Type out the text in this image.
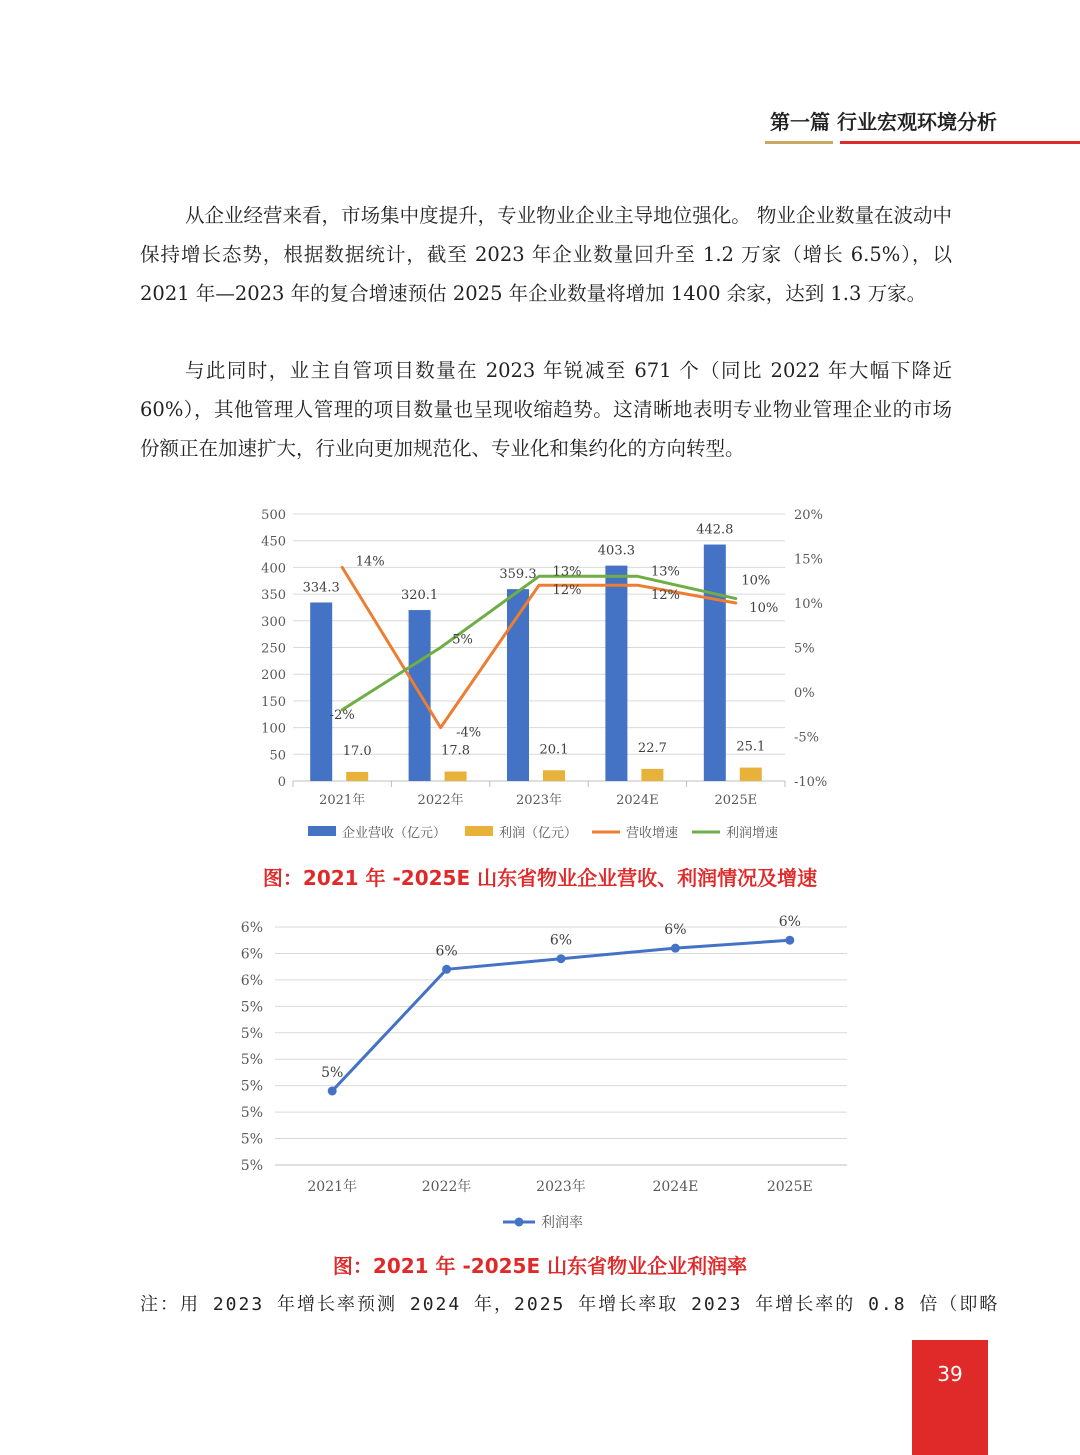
第一篇 行业宏观环境分析

从企业经营来看，市场集中度提升，专业物业企业主导地位强化。 物业企业数量在波动中保持增长态势，根据数据统计，截至 2023 年企业数量回升至 1.2 万家（增长 6.5%），以 2021 年—2023 年的复合增速预估 2025 年企业数量将增加 1400 余家，达到 1.3 万家。

与此同时，业主自管项目数量在 2023 年锐减至 671 个（同比 2022 年大幅下降近 60%），其他管理人管理的项目数量也呈现收缩趋势。这清晰地表明专业物业管理企业的市场份额正在加速扩大，行业向更加规范化、专业化和集约化的方向转型。

0
50
100
150
200
250
300
350
400
450
500
-10%
-5%
0%
5%
10%
15%
20%
2021年	2022年	2023年	2024E	2025E
334.3
320.1
359.3
403.3
442.8
17.0	17.8	20.1	22.7	25.1
14%
-4%
12%	12%
10%
-2%
5%
13%	13%
10%
企业营收（亿元）	利润（亿元）	营收增速	利润增速
5%
5%
5%
5%
5%
5%
5%
6%
6%
6%
2021年	2022年	2023年	2024E	2025E
5%
6%
6%
6%	6%
利润率
图：2021 年 -2025E 山东省物业企业营收、利润情况及增速
图：2021 年 -2025E 山东省物业企业利润率
注：用 2023 年增长率预测 2024 年，2025 年增长率取 2023 年增长率的 0.8 倍（即略
39
